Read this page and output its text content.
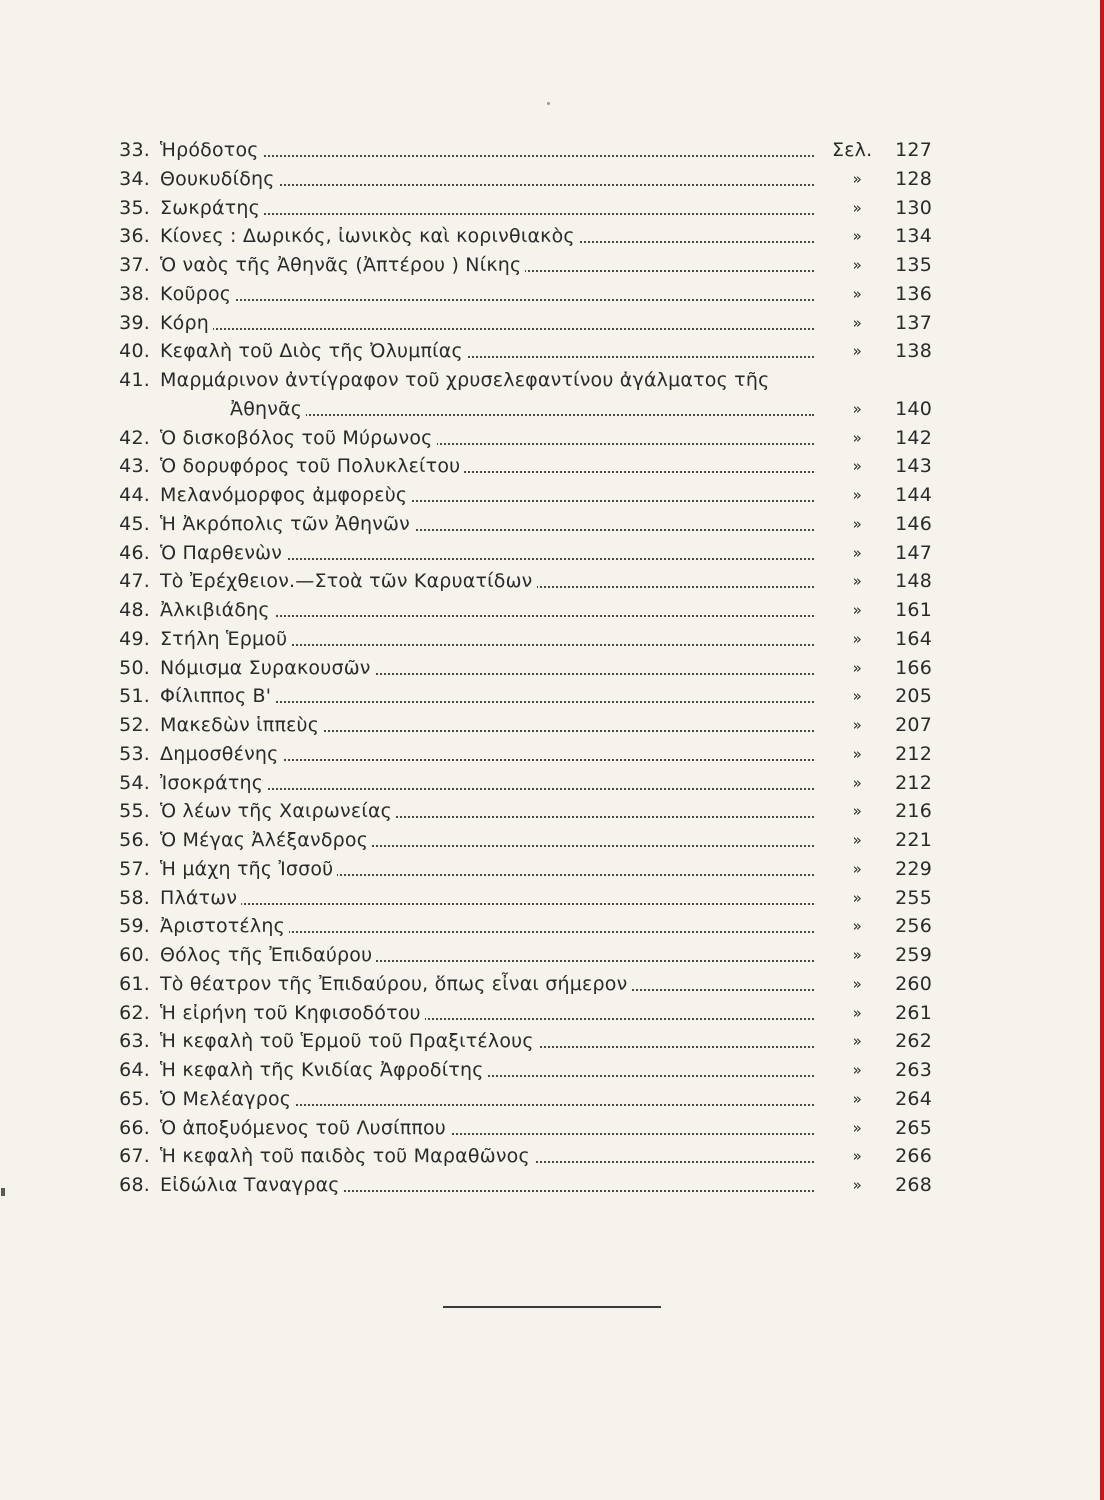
33. Ἡρόδοτος	Σελ.	127
34. Θουκυδίδης	»	128
35. Σωκράτης	»	130
36. Κίονες : Δωρικός, ἰωνικὸς καὶ κορινθιακὸς	»	134
37. Ὁ ναὸς τῆς Ἀθηνᾶς (Ἀπτέρου ) Νίκης	»	135
38. Κοῦρος	»	136
39. Κόρη	»	137
40. Κεφαλὴ τοῦ Διὸς τῆς Ὀλυμπίας	»	138
41. Μαρμάρινον ἀντίγραφον τοῦ χρυσελεφαντίνου ἀγάλματος τῆς
Ἀθηνᾶς	»	140
42. Ὁ δισκοβόλος τοῦ Μύρωνος	»	142
43. Ὁ δορυφόρος τοῦ Πολυκλείτου	»	143
44. Μελανόμορφος ἀμφορεὺς	»	144
45. Ἡ Ἀκρόπολις τῶν Ἀθηνῶν	»	146
46. Ὁ Παρθενὼν	»	147
47. Τὸ Ἐρέχθειον.—Στοὰ τῶν Καρυατίδων	»	148
48. Ἀλκιβιάδης	»	161
49. Στήλη Ἑρμοῦ	»	164
50. Νόμισμα Συρακουσῶν	»	166
51. Φίλιππος Β'	»	205
52. Μακεδὼν ἱππεὺς	»	207
53. Δημοσθένης	»	212
54. Ἰσοκράτης	»	212
55. Ὁ λέων τῆς Χαιρωνείας	»	216
56. Ὁ Μέγας Ἀλέξανδρος	»	221
57. Ἡ μάχη τῆς Ἰσσοῦ	»	229
58. Πλάτων	»	255
59. Ἀριστοτέλης	»	256
60. Θόλος τῆς Ἐπιδαύρου	»	259
61. Τὸ θέατρον τῆς Ἐπιδαύρου, ὅπως εἶναι σήμερον	»	260
62. Ἡ εἰρήνη τοῦ Κηφισοδότου	»	261
63. Ἡ κεφαλὴ τοῦ Ἑρμοῦ τοῦ Πραξιτέλους	»	262
64. Ἡ κεφαλὴ τῆς Κνιδίας Ἀφροδίτης	»	263
65. Ὁ Μελέαγρος	»	264
66. Ὁ ἀποξυόμενος τοῦ Λυσίππου	»	265
67. Ἡ κεφαλὴ τοῦ παιδὸς τοῦ Μαραθῶνος	»	266
68. Εἰδώλια Ταναγρας	»	268
